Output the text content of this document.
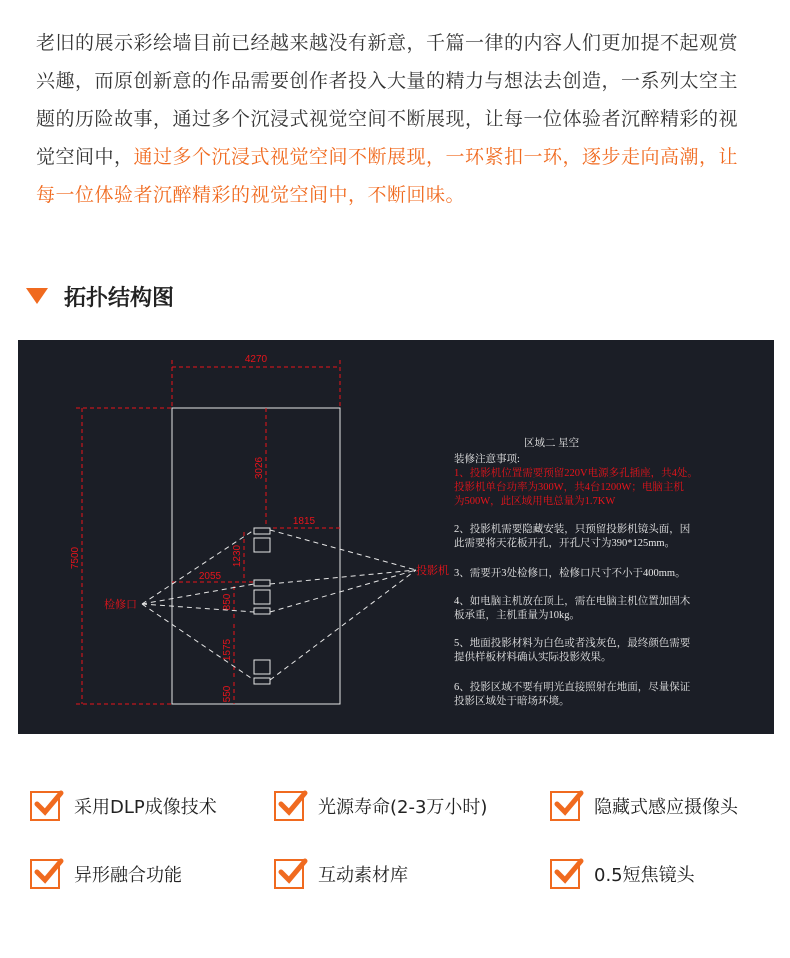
老旧的展示彩绘墙目前已经越来越没有新意，千篇一律的内容人们更加提不起观赏兴趣，而原创新意的作品需要创作者投入大量的精力与想法去创造，一系列太空主题的历险故事，通过多个沉浸式视觉空间不断展现，让每一位体验者沉醉精彩的视觉空间中，通过多个沉浸式视觉空间不断展现，一环紧扣一环，逐步走向高潮，让每一位体验者沉醉精彩的视觉空间中，不断回味。

拓扑结构图
4270
7500
3026
1815
1230
2055
850
1575
550
投影机
检修口
区域二 星空
装修注意事项:
1、投影机位置需要预留220V电源多孔插座，共4处。
投影机单台功率为300W，共4台1200W；电脑主机
为500W，此区域用电总量为1.7KW
2、投影机需要隐藏安装，只预留投影机镜头面，因
此需要将天花板开孔，开孔尺寸为390*125mm。
3、需要开3处检修口，检修口尺寸不小于400mm。
4、如电脑主机放在顶上，需在电脑主机位置加固木
板承重，主机重量为10kg。
5、地面投影材料为白色或者浅灰色，最终颜色需要
提供样板材料确认实际投影效果。
6、投影区域不要有明光直接照射在地面，尽量保证
投影区域处于暗场环境。
采用DLP成像技术	光源寿命(2-3万小时)	隐藏式感应摄像头
异形融合功能	互动素材库	0.5短焦镜头
